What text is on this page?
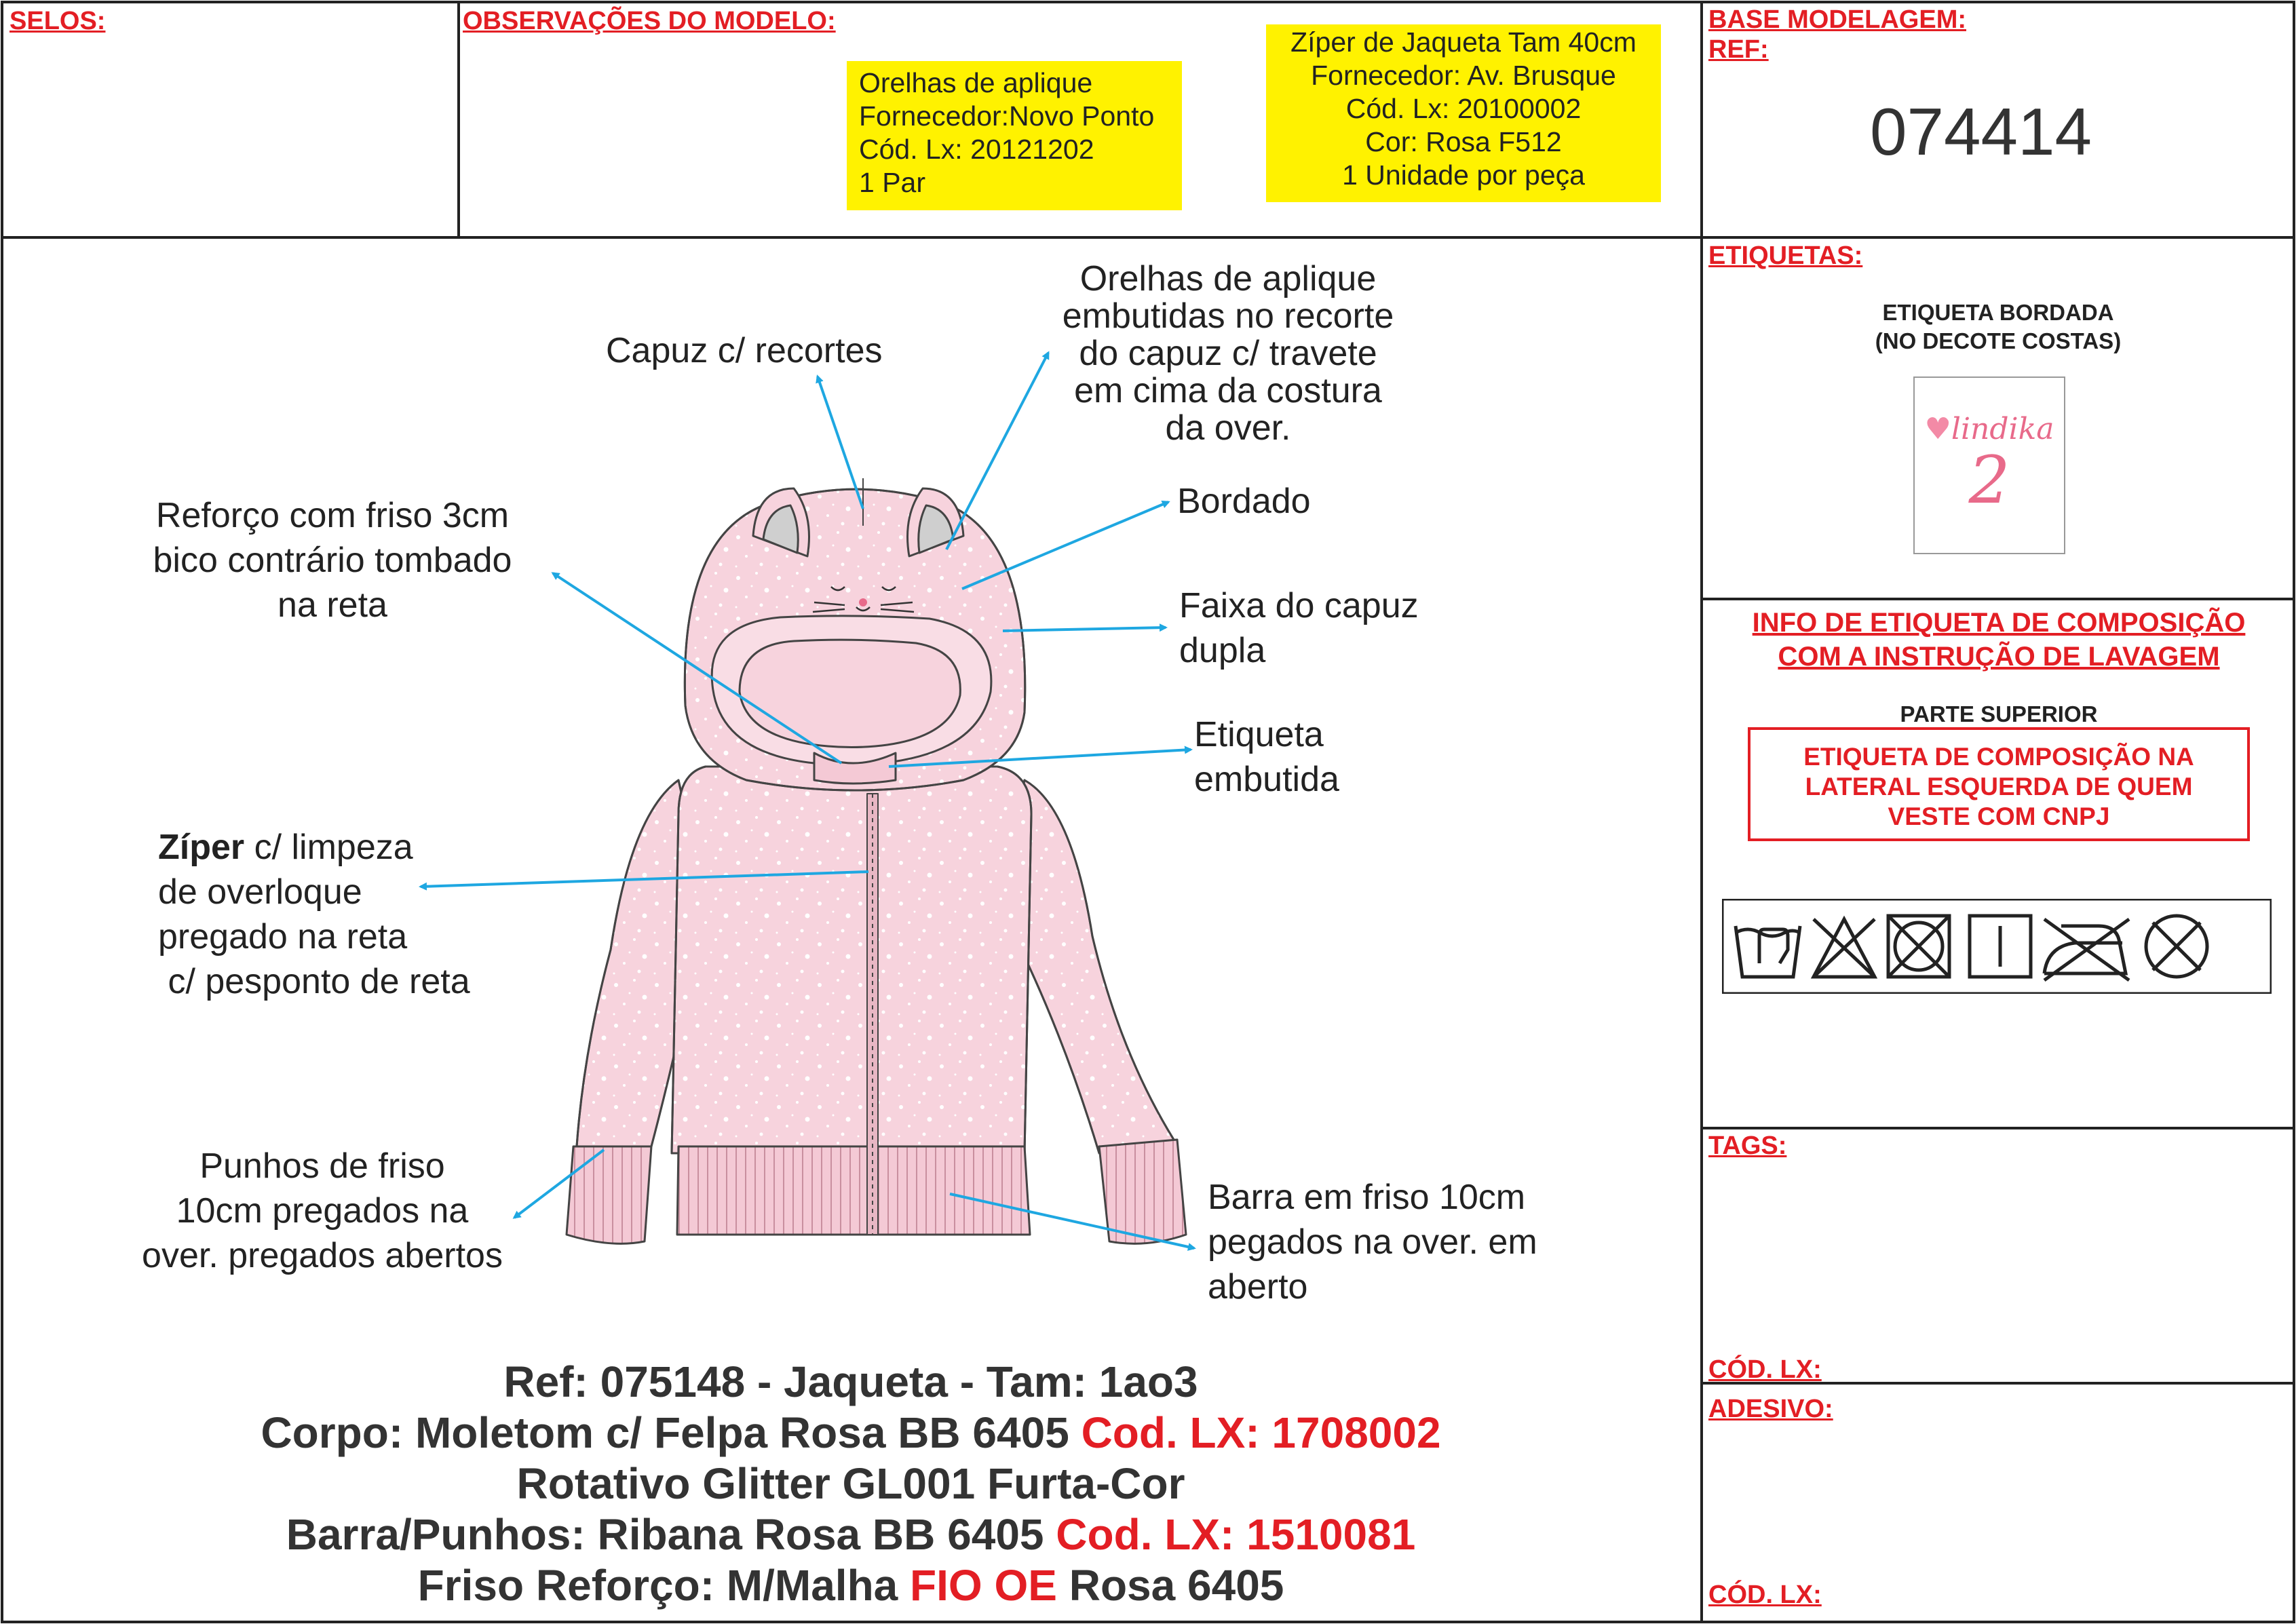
SELOS:	OBSERVAÇÕES DO MODELO:	BASE MODELAGEM:
REF:
074414
Orelhas de aplique
Fornecedor:Novo Ponto
Cód. Lx: 20121202
1 Par
Zíper de Jaqueta Tam 40cm
Fornecedor: Av. Brusque
Cód. Lx: 20100002
Cor: Rosa F512
1 Unidade por peça
Capuz c/ recortes
Orelhas de aplique
embutidas no recorte
do capuz c/ travete
em cima da costura
da over.
Bordado
Faixa do capuz
dupla
Etiqueta
embutida
Reforço com friso 3cm
bico contrário tombado
na reta
Zíper c/ limpeza
de overloque
pregado na reta
c/ pesponto de reta
Punhos de friso
10cm pregados na
over. pregados abertos
Barra em friso 10cm
pegados na over. em
aberto
Ref: 075148 - Jaqueta - Tam: 1ao3
Corpo: Moletom c/ Felpa Rosa BB 6405 Cod. LX: 1708002
Rotativo Glitter GL001 Furta-Cor
Barra/Punhos: Ribana Rosa BB 6405 Cod. LX: 1510081
Friso Reforço: M/Malha FIO OE Rosa 6405
ETIQUETAS:
ETIQUETA BORDADA
(NO DECOTE COSTAS)
♥lindika
2
INFO DE ETIQUETA DE COMPOSIÇÃO
COM A INSTRUÇÃO DE LAVAGEM
PARTE SUPERIOR
ETIQUETA DE COMPOSIÇÃO NA
LATERAL ESQUERDA DE QUEM
VESTE COM CNPJ
TAGS:
CÓD. LX:
ADESIVO:
CÓD. LX:
